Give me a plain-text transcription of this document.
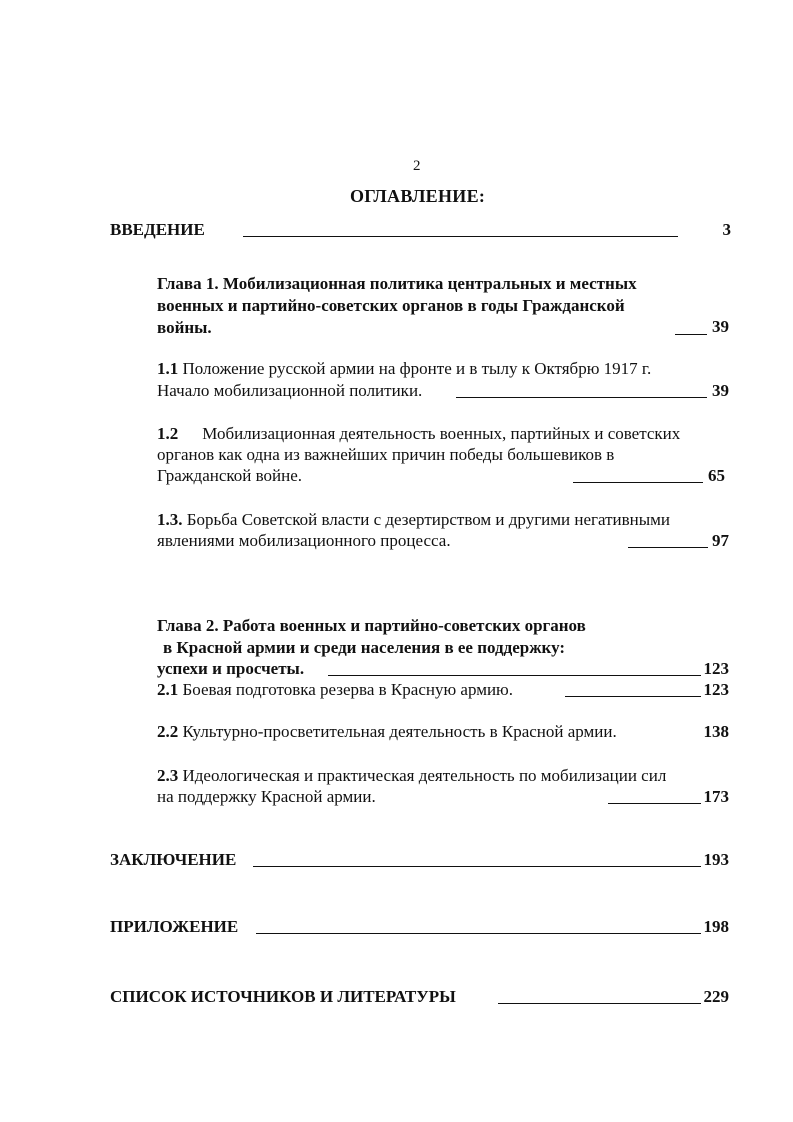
2
ОГЛАВЛЕНИЕ:
ВВЕДЕНИЕ	3
Глава 1. Мобилизационная политика центральных и местных
военных и партийно-советских органов в годы Гражданской
войны.	39
1.1 Положение русской армии на фронте и в тылу к Октябрю 1917 г.
Начало мобилизационной политики.	39
1.2 Мобилизационная деятельность военных, партийных и советских
органов как одна из важнейших причин победы большевиков в
Гражданской войне.	65
1.3. Борьба Советской власти с дезертирством и другими негативными
явлениями мобилизационного процесса.	97
Глава 2. Работа военных и партийно-советских органов
в Красной армии и среди населения в ее поддержку:
успехи и просчеты.	123
2.1 Боевая подготовка резерва в Красную армию.	123
2.2 Культурно-просветительная деятельность в Красной армии.	138
2.3 Идеологическая и практическая деятельность по мобилизации сил
на поддержку Красной армии.	173
ЗАКЛЮЧЕНИЕ	193
ПРИЛОЖЕНИЕ	198
СПИСОК ИСТОЧНИКОВ И ЛИТЕРАТУРЫ	229
